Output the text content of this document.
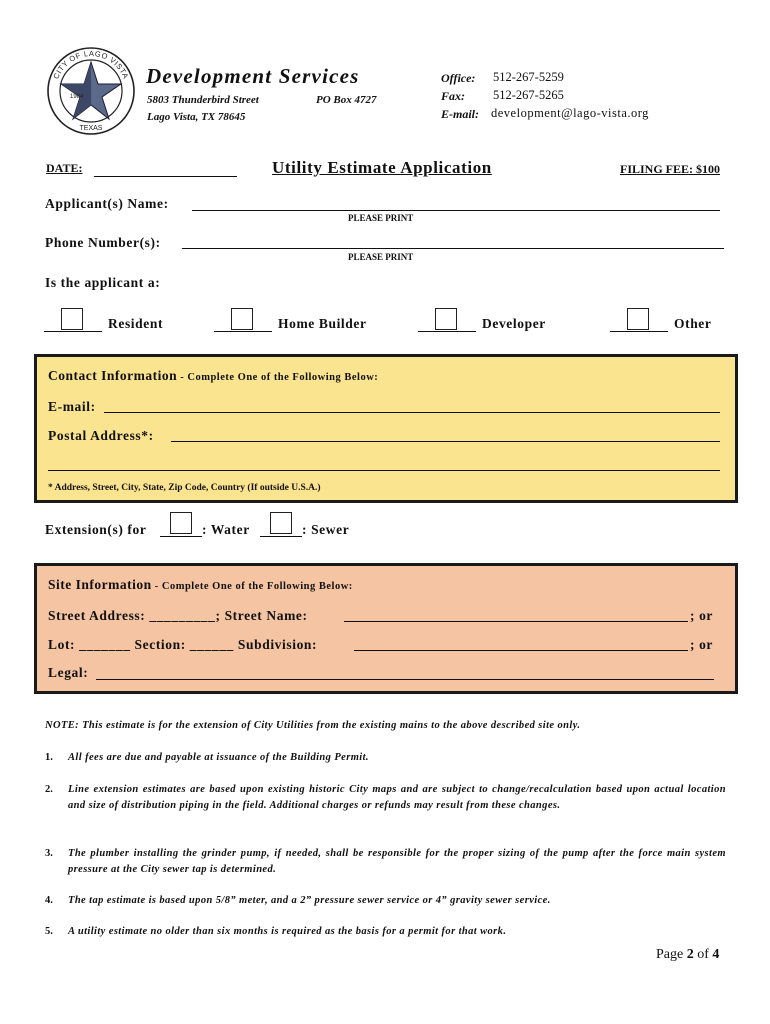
CITY OF LAGO VISTA
1984
TEXAS
Development Services
5803 Thunderbird Street	PO Box 4727
Lago Vista, TX 78645
Office: 512-267-5259
Fax: 512-267-5265
E-mail: development@lago-vista.org
DATE:	Utility Estimate Application	FILING FEE: $100
Applicant(s) Name:
PLEASE PRINT
Phone Number(s):
PLEASE PRINT
Is the applicant a:
Resident	Home Builder	Developer	Other
Contact Information - Complete One of the Following Below:
E-mail:
Postal Address*:
* Address, Street, City, State, Zip Code, Country (If outside U.S.A.)
Extension(s) for	: Water	: Sewer
Site Information - Complete One of the Following Below:
Street Address: _________; Street Name:	; or
Lot: _______ Section: ______ Subdivision:	; or
Legal:
NOTE: This estimate is for the extension of City Utilities from the existing mains to the above described site only.
1. All fees are due and payable at issuance of the Building Permit.
2. Line extension estimates are based upon existing historic City maps and are subject to change/recalculation based upon actual location and size of distribution piping in the field. Additional charges or refunds may result from these changes.
3. The plumber installing the grinder pump, if needed, shall be responsible for the proper sizing of the pump after the force main system pressure at the City sewer tap is determined.
4. The tap estimate is based upon 5/8” meter, and a 2” pressure sewer service or 4” gravity sewer service.
5. A utility estimate no older than six months is required as the basis for a permit for that work.
Page 2 of 4
